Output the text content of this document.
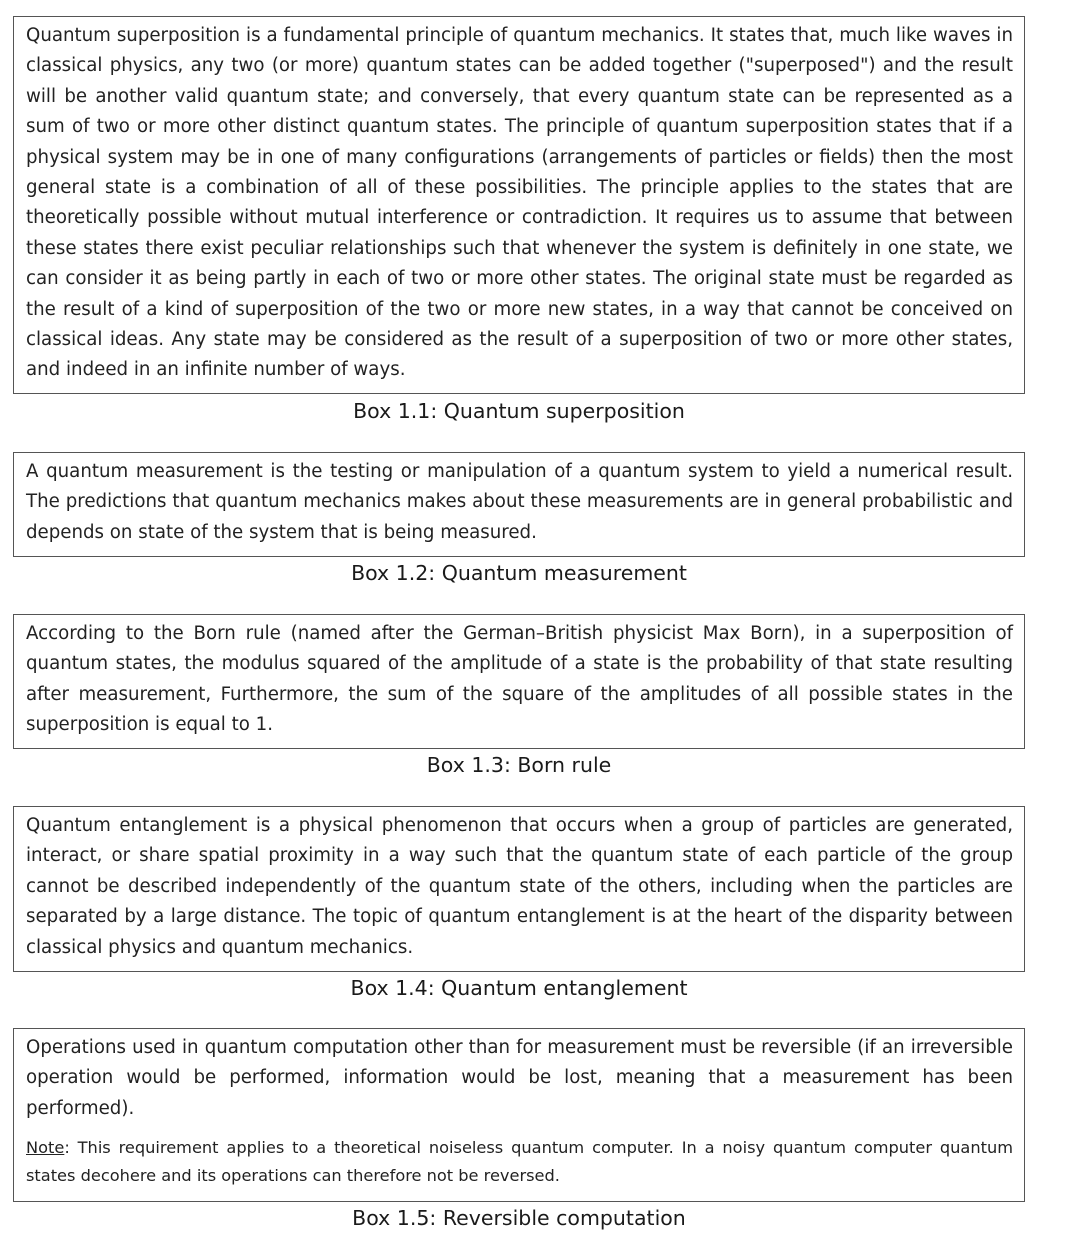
Quantum superposition is a fundamental principle of quantum mechanics. It states that, much like waves in classical physics, any two (or more) quantum states can be added together ("superposed") and the result will be another valid quantum state; and conversely, that every quantum state can be represented as a sum of two or more other distinct quantum states. The principle of quantum superposition states that if a physical system may be in one of many configurations (arrangements of particles or fields) then the most general state is a combination of all of these possibilities. The principle applies to the states that are theoretically possible without mutual interference or contradiction. It requires us to assume that between these states there exist peculiar relationships such that whenever the system is definitely in one state, we can consider it as being partly in each of two or more other states. The original state must be regarded as the result of a kind of superposition of the two or more new states, in a way that cannot be conceived on classical ideas. Any state may be considered as the result of a superposition of two or more other states, and indeed in an infinite number of ways.

Box 1.1: Quantum superposition

A quantum measurement is the testing or manipulation of a quantum system to yield a numerical result. The predictions that quantum mechanics makes about these measurements are in general probabilistic and depends on state of the system that is being measured.

Box 1.2: Quantum measurement

According to the Born rule (named after the German–British physicist Max Born), in a superposition of quantum states, the modulus squared of the amplitude of a state is the probability of that state resulting after measurement, Furthermore, the sum of the square of the amplitudes of all possible states in the superposition is equal to 1.

Box 1.3: Born rule

Quantum entanglement is a physical phenomenon that occurs when a group of particles are generated, interact, or share spatial proximity in a way such that the quantum state of each particle of the group cannot be described independently of the quantum state of the others, including when the particles are separated by a large distance. The topic of quantum entanglement is at the heart of the disparity between classical physics and quantum mechanics.

Box 1.4: Quantum entanglement

Operations used in quantum computation other than for measurement must be reversible (if an irreversible operation would be performed, information would be lost, meaning that a measurement has been performed).

Note: This requirement applies to a theoretical noiseless quantum computer. In a noisy quantum computer quantum states decohere and its operations can therefore not be reversed.

Box 1.5: Reversible computation
